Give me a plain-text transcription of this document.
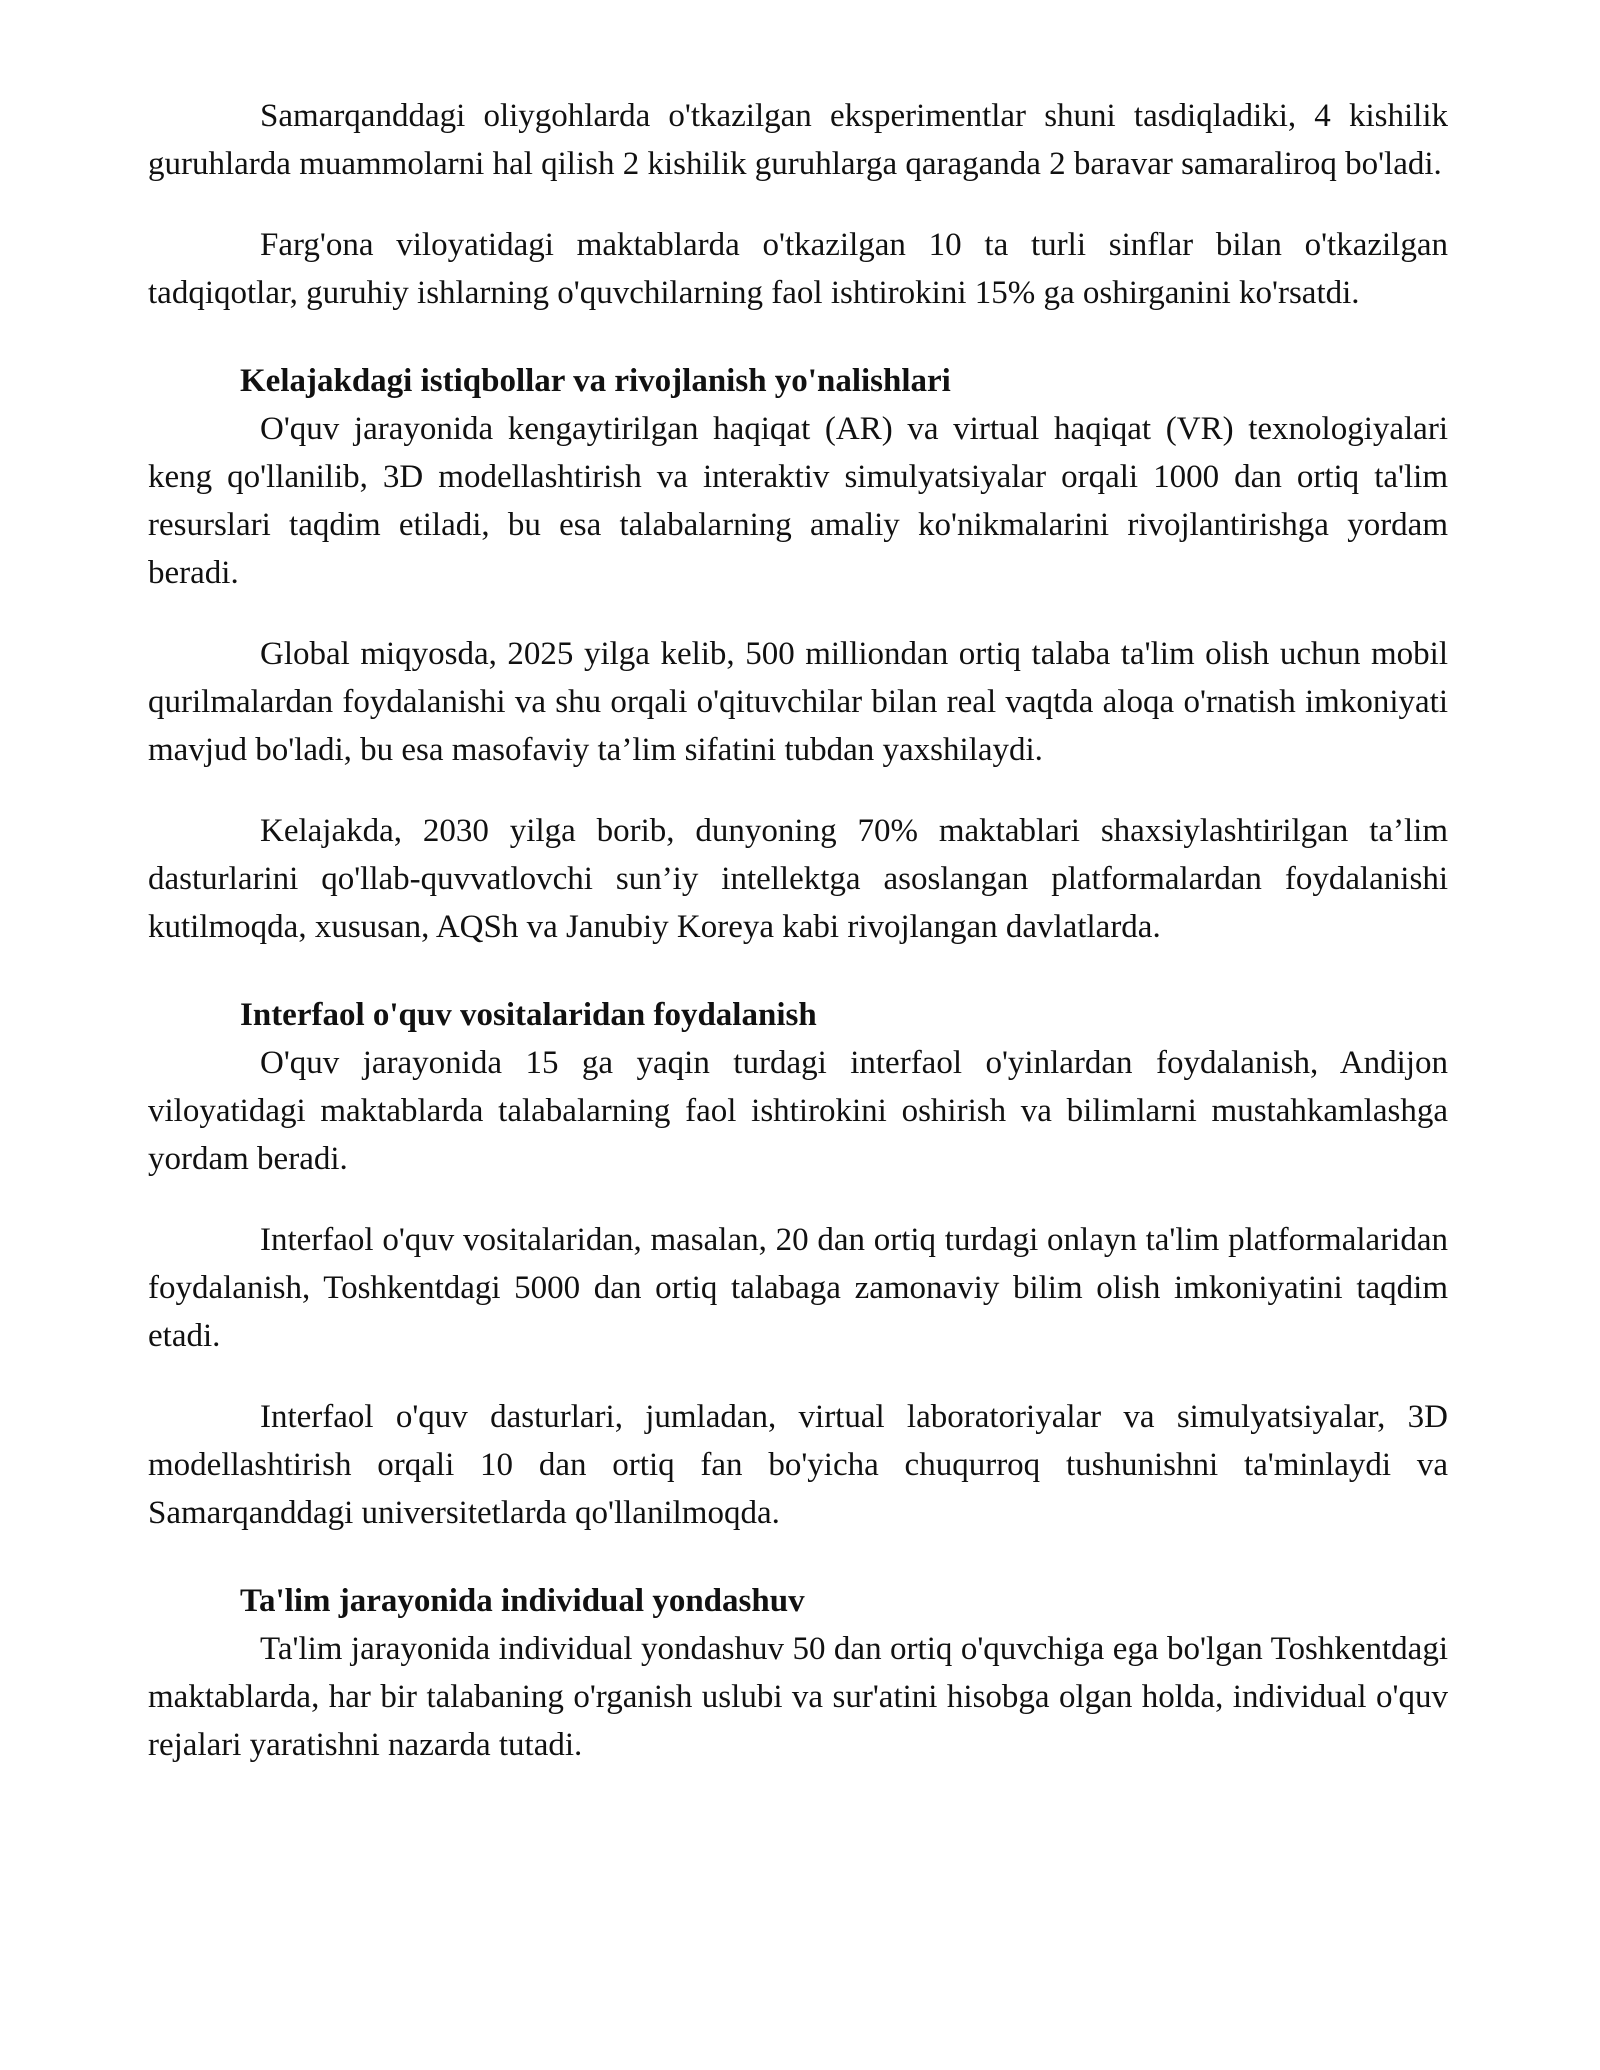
Samarqanddagi oliygohlarda o'tkazilgan eksperimentlar shuni tasdiqladiki, 4 kishilik guruhlarda muammolarni hal qilish 2 kishilik guruhlarga qaraganda 2 baravar samaraliroq bo'ladi.

Farg'ona viloyatidagi maktablarda o'tkazilgan 10 ta turli sinflar bilan o'tkazilgan tadqiqotlar, guruhiy ishlarning o'quvchilarning faol ishtirokini 15% ga oshirganini ko'rsatdi.

Kelajakdagi istiqbollar va rivojlanish yo'nalishlari

O'quv jarayonida kengaytirilgan haqiqat (AR) va virtual haqiqat (VR) texnologiyalari keng qo'llanilib, 3D modellashtirish va interaktiv simulyatsiyalar orqali 1000 dan ortiq ta'lim resurslari taqdim etiladi, bu esa talabalarning amaliy ko'nikmalarini rivojlantirishga yordam beradi.

Global miqyosda, 2025 yilga kelib, 500 milliondan ortiq talaba ta'lim olish uchun mobil qurilmalardan foydalanishi va shu orqali o'qituvchilar bilan real vaqtda aloqa o'rnatish imkoniyati mavjud bo'ladi, bu esa masofaviy ta’lim sifatini tubdan yaxshilaydi.

Kelajakda, 2030 yilga borib, dunyoning 70% maktablari shaxsiylashtirilgan ta’lim dasturlarini qo'llab-quvvatlovchi sun’iy intellektga asoslangan platformalardan foydalanishi kutilmoqda, xususan, AQSh va Janubiy Koreya kabi rivojlangan davlatlarda.

Interfaol o'quv vositalaridan foydalanish

O'quv jarayonida 15 ga yaqin turdagi interfaol o'yinlardan foydalanish, Andijon viloyatidagi maktablarda talabalarning faol ishtirokini oshirish va bilimlarni mustahkamlashga yordam beradi.

Interfaol o'quv vositalaridan, masalan, 20 dan ortiq turdagi onlayn ta'lim platformalaridan foydalanish, Toshkentdagi 5000 dan ortiq talabaga zamonaviy bilim olish imkoniyatini taqdim etadi.

Interfaol o'quv dasturlari, jumladan, virtual laboratoriyalar va simulyatsiyalar, 3D modellashtirish orqali 10 dan ortiq fan bo'yicha chuqurroq tushunishni ta'minlaydi va Samarqanddagi universitetlarda qo'llanilmoqda.

Ta'lim jarayonida individual yondashuv

Ta'lim jarayonida individual yondashuv 50 dan ortiq o'quvchiga ega bo'lgan Toshkentdagi maktablarda, har bir talabaning o'rganish uslubi va sur'atini hisobga olgan holda, individual o'quv rejalari yaratishni nazarda tutadi.
